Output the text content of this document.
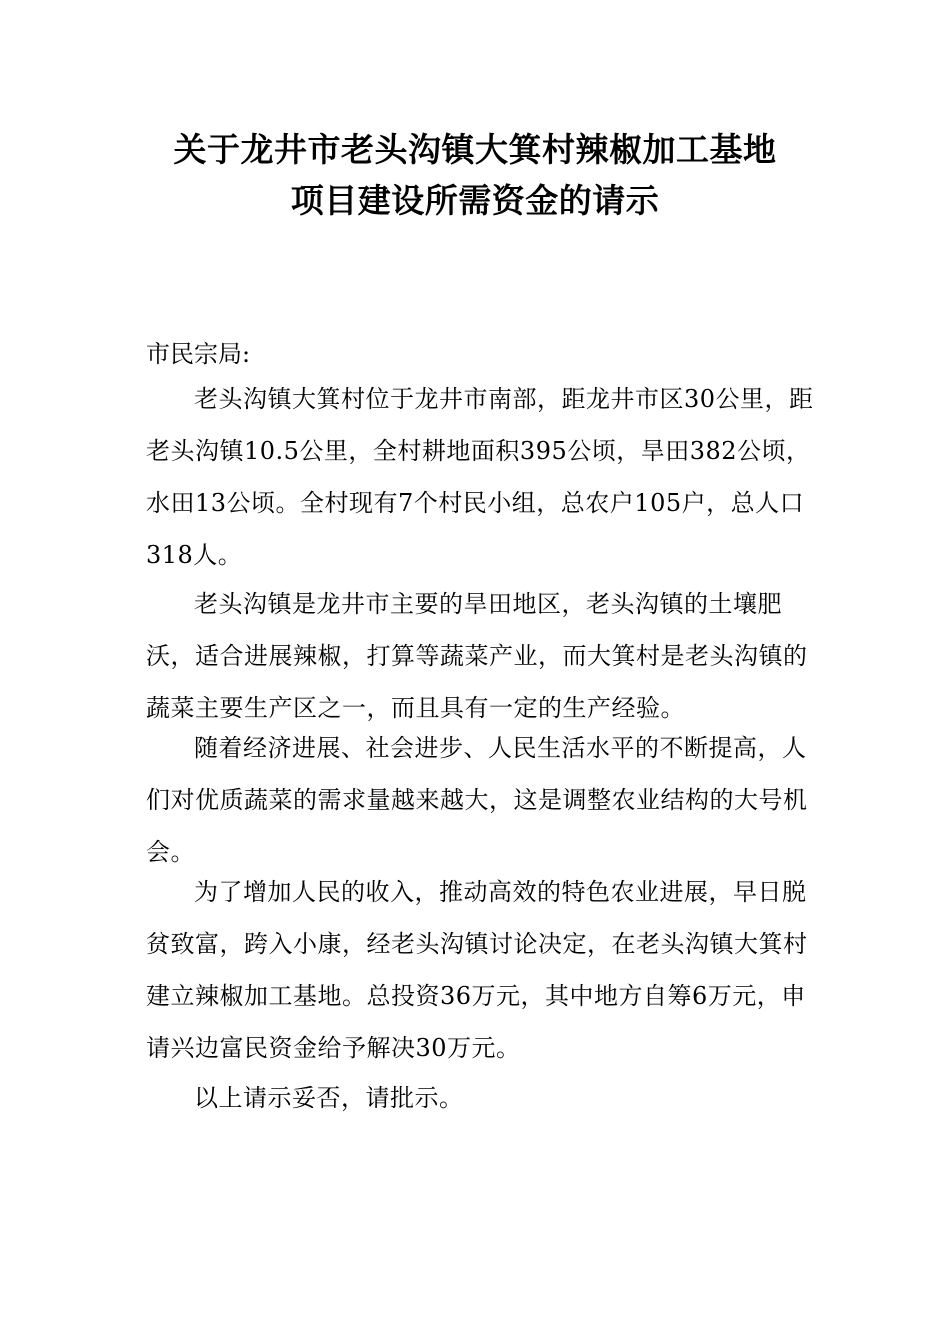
关于龙井市老头沟镇大箕村辣椒加工基地
项目建设所需资金的请示

市民宗局:

老头沟镇大箕村位于龙井市南部，距龙井市区30公里，距老头沟镇10.5公里，全村耕地面积395公顷，旱田382公顷，水田13公顷。全村现有7个村民小组，总农户105户，总人口318人。

老头沟镇是龙井市主要的旱田地区，老头沟镇的土壤肥沃，适合进展辣椒，打算等蔬菜产业，而大箕村是老头沟镇的蔬菜主要生产区之一，而且具有一定的生产经验。

随着经济进展、社会进步、人民生活水平的不断提高，人们对优质蔬菜的需求量越来越大，这是调整农业结构的大号机会。

为了增加人民的收入，推动高效的特色农业进展，早日脱贫致富，跨入小康，经老头沟镇讨论决定，在老头沟镇大箕村建立辣椒加工基地。总投资36万元，其中地方自筹6万元，申请兴边富民资金给予解决30万元。

以上请示妥否，请批示。
